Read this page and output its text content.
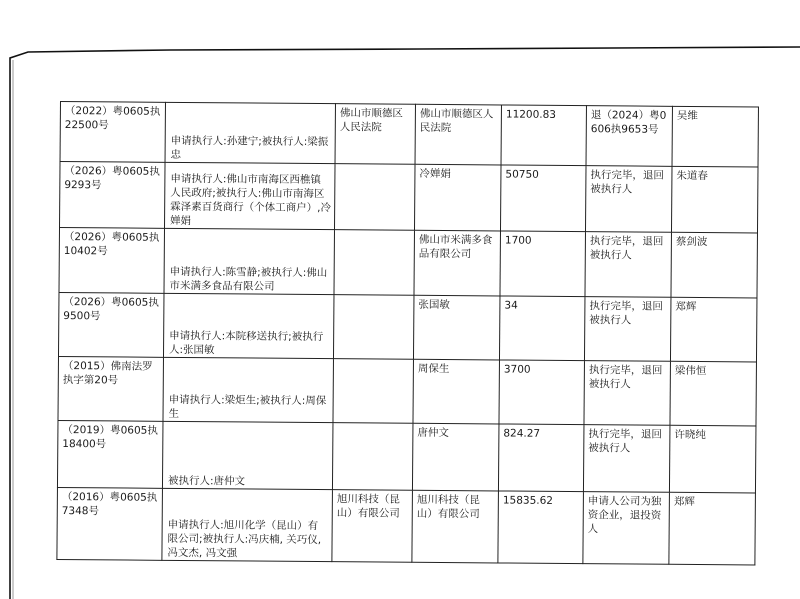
（2022）粤0605执22500号	申请执行人:孙建宁;被执行人:梁振忠	佛山市顺德区人民法院	佛山市顺德区人民法院	11200.83	退（2024）粤0606执9653号	吴维
（2026）粤0605执9293号	申请执行人:佛山市南海区西樵镇人民政府;被执行人:佛山市南海区霖泽素百货商行（个体工商户）,冷婵娟		冷婵娟	50750	执行完毕，退回被执行人	朱道春
（2026）粤0605执10402号	申请执行人:陈雪静;被执行人:佛山市米满多食品有限公司		佛山市米满多食品有限公司	1700	执行完毕，退回被执行人	蔡剑波
（2026）粤0605执9500号	申请执行人:本院移送执行;被执行人:张国敏		张国敏	34	执行完毕，退回被执行人	郑辉
（2015）佛南法罗执字第20号	申请执行人:梁炬生;被执行人:周保生		周保生	3700	执行完毕，退回被执行人	梁伟恒
（2019）粤0605执18400号	被执行人:唐仲文		唐仲文	824.27	执行完毕，退回被执行人	许晓纯
（2016）粤0605执7348号	申请执行人:旭川化学（昆山）有限公司;被执行人:冯庆楠, 关巧仪, 冯文杰, 冯文强	旭川科技（昆山）有限公司	旭川科技（昆山）有限公司	15835.62	申请人公司为独资企业，退投资人	郑辉
